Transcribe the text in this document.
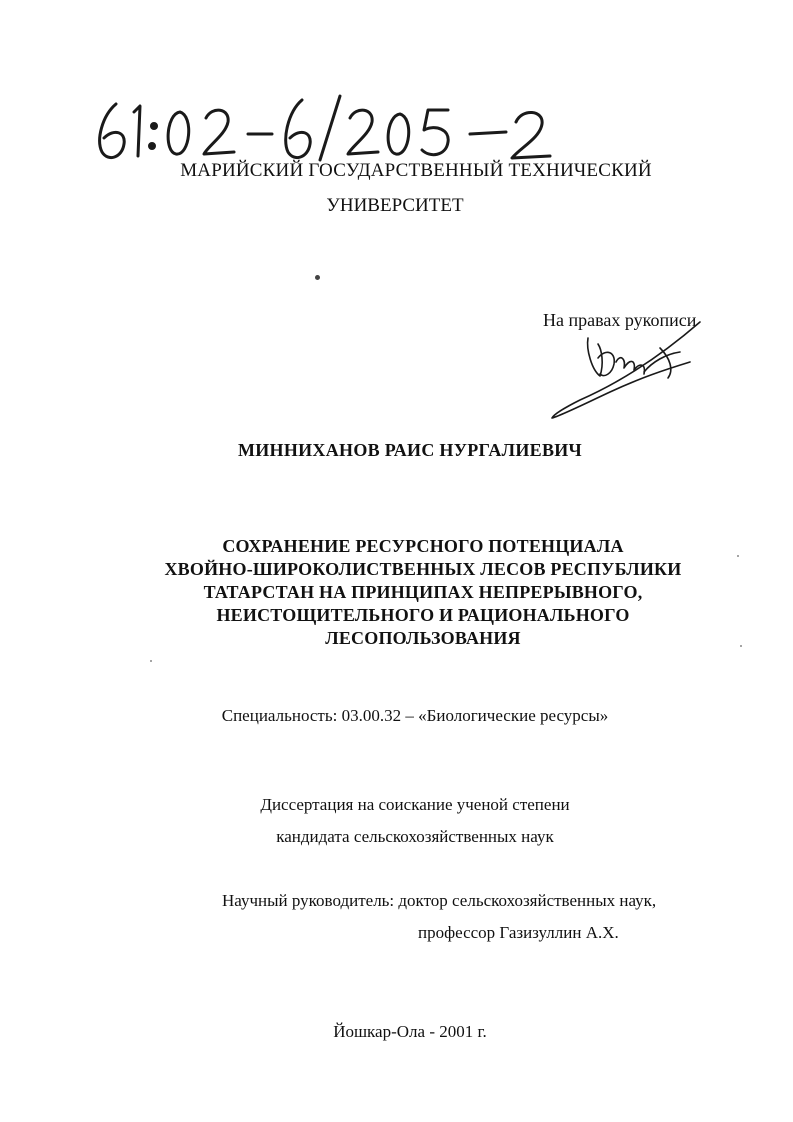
МАРИЙСКИЙ ГОСУДАРСТВЕННЫЙ ТЕХНИЧЕСКИЙ
УНИВЕРСИТЕТ
На правах рукописи
МИННИХАНОВ РАИС НУРГАЛИЕВИЧ
СОХРАНЕНИЕ РЕСУРСНОГО ПОТЕНЦИАЛА
ХВОЙНО-ШИРОКОЛИСТВЕННЫХ ЛЕСОВ РЕСПУБЛИКИ
ТАТАРСТАН НА ПРИНЦИПАХ НЕПРЕРЫВНОГО,
НЕИСТОЩИТЕЛЬНОГО И РАЦИОНАЛЬНОГО
ЛЕСОПОЛЬЗОВАНИЯ
Специальность: 03.00.32 – «Биологические ресурсы»
Диссертация на соискание ученой степени
кандидата сельскохозяйственных наук
Научный руководитель: доктор сельскохозяйственных наук,
профессор Газизуллин А.Х.
Йошкар-Ола - 2001 г.
